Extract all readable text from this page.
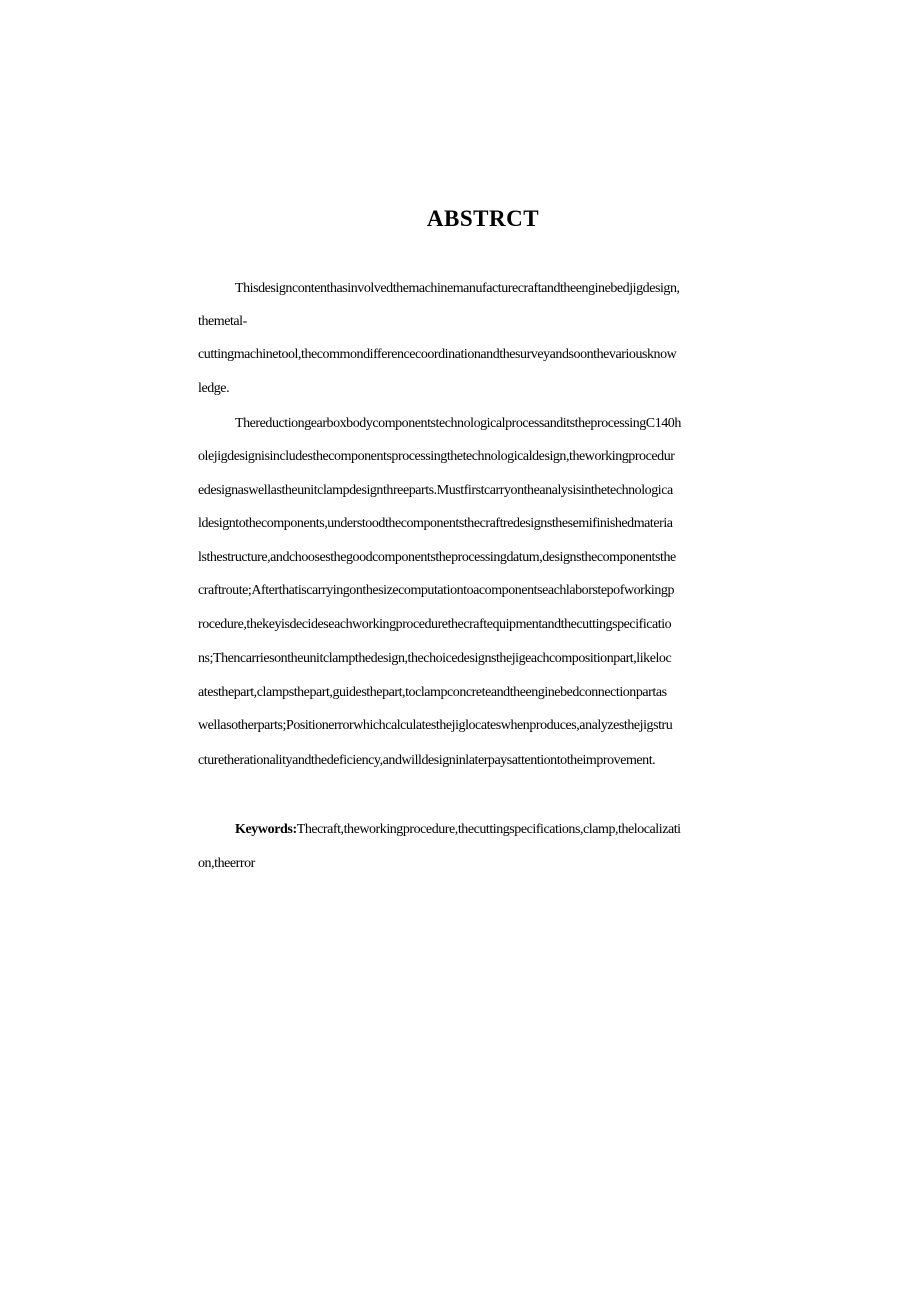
ABSTRCT

Thisdesigncontenthasinvolvedthemachinemanufacturecraftandtheenginebedjigdesign,

themetal-

cuttingmachinetool,thecommondifferencecoordinationandthesurveyandsoonthevariousknow

ledge.

ThereductiongearboxbodycomponentstechnologicalprocessanditstheprocessingC140h

olejigdesignisincludesthecomponentsprocessingthetechnologicaldesign,theworkingprocedur

edesignaswellastheunitclampdesignthreeparts.Mustfirstcarryontheanalysisinthetechnologica

ldesigntothecomponents,understoodthecomponentsthecraftredesignsthesemifinishedmateria

lsthestructure,andchoosesthegoodcomponentstheprocessingdatum,designsthecomponentsthe

craftroute;Afterthatiscarryingonthesizecomputationtoacomponentseachlaborstepofworkingp

rocedure,thekeyisdecideseachworkingprocedurethecraftequipmentandthecuttingspecificatio

ns;Thencarriesontheunitclampthedesign,thechoicedesignsthejigeachcompositionpart,likeloc

atesthepart,clampsthepart,guidesthepart,toclampconcreteandtheenginebedconnectionpartas

wellasotherparts;Positionerrorwhichcalculatesthejiglocateswhenproduces,analyzesthejigstru

cturetherationalityandthedeficiency,andwilldesigninlaterpaysattentiontotheimprovement.

Keywords:Thecraft,theworkingprocedure,thecuttingspecifications,clamp,thelocalizati

on,theerror
